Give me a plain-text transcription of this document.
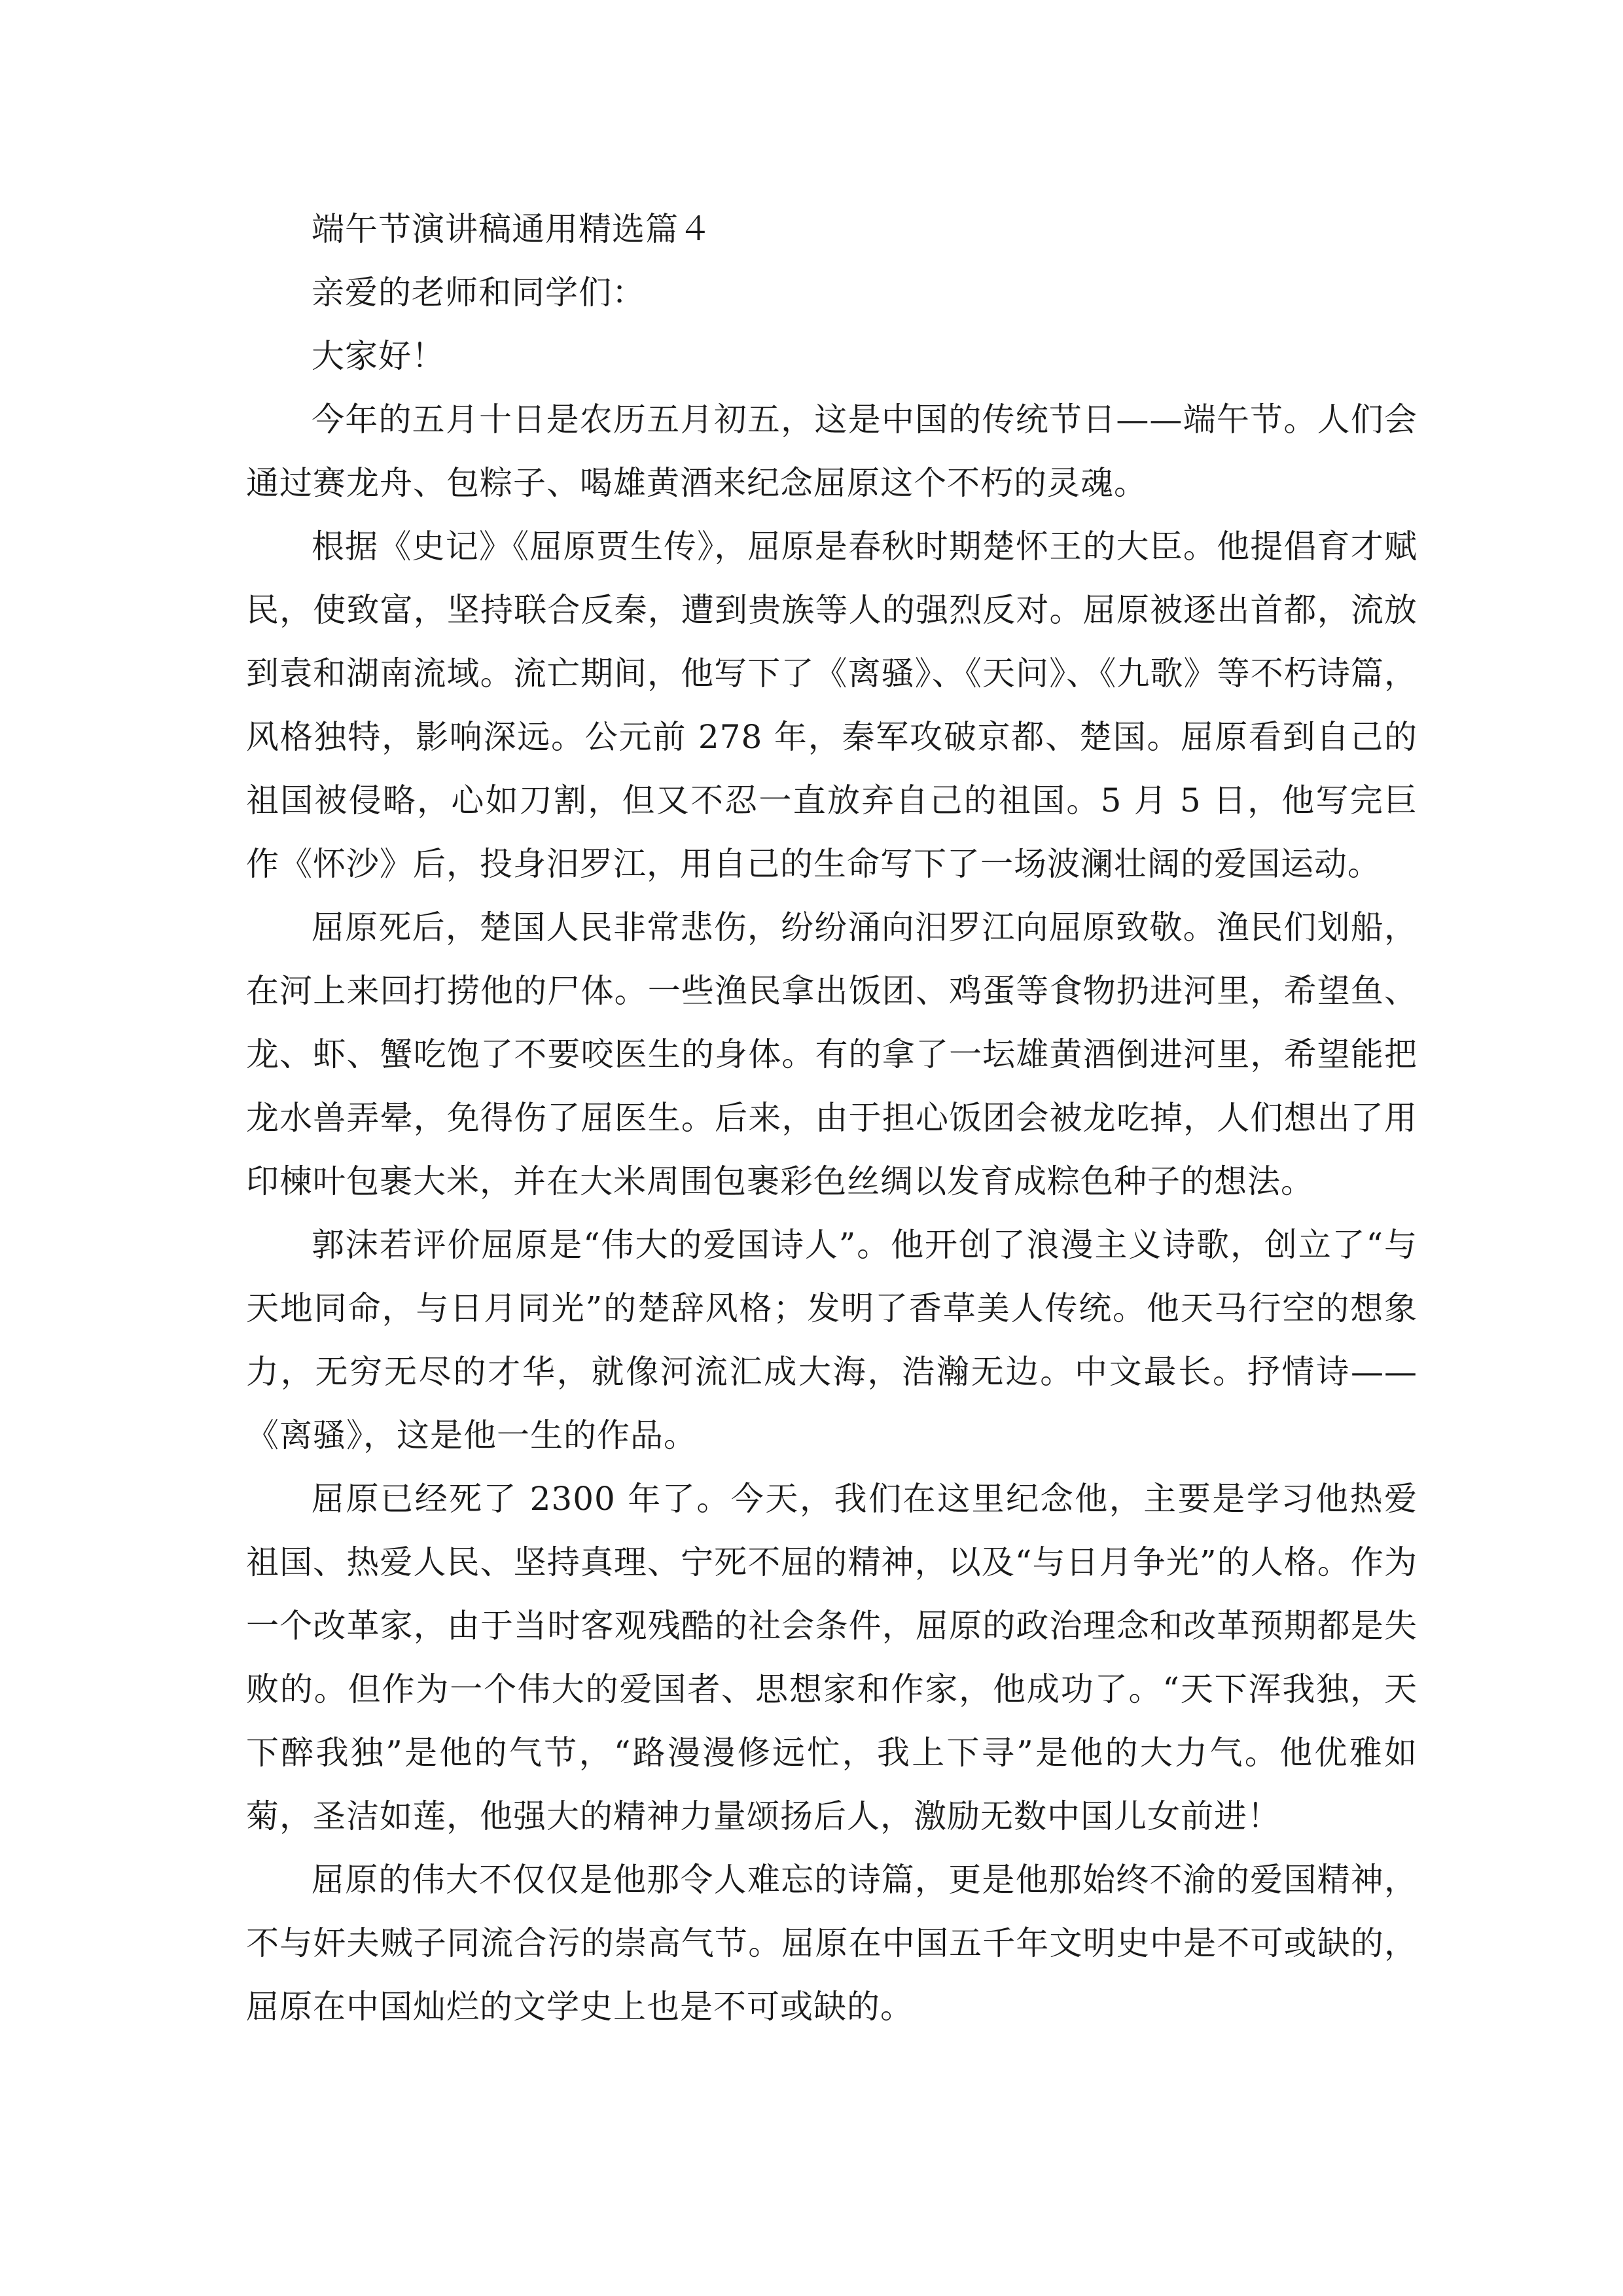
端午节演讲稿通用精选篇４

亲爱的老师和同学们：

大家好！

今年的五月十日是农历五月初五，这是中国的传统节日——端午节。人们会通过赛龙舟、包粽子、喝雄黄酒来纪念屈原这个不朽的灵魂。

根据《史记》《屈原贾生传》，屈原是春秋时期楚怀王的大臣。他提倡育才赋民，使致富，坚持联合反秦，遭到贵族等人的强烈反对。屈原被逐出首都，流放到袁和湖南流域。流亡期间，他写下了《离骚》、《天问》、《九歌》等不朽诗篇，风格独特，影响深远。公元前 278 年，秦军攻破京都、楚国。屈原看到自己的祖国被侵略，心如刀割，但又不忍一直放弃自己的祖国。5 月 5 日，他写完巨作《怀沙》后，投身汨罗江，用自己的生命写下了一场波澜壮阔的爱国运动。

屈原死后，楚国人民非常悲伤，纷纷涌向汨罗江向屈原致敬。渔民们划船，在河上来回打捞他的尸体。一些渔民拿出饭团、鸡蛋等食物扔进河里，希望鱼、龙、虾、蟹吃饱了不要咬医生的身体。有的拿了一坛雄黄酒倒进河里，希望能把龙水兽弄晕，免得伤了屈医生。后来，由于担心饭团会被龙吃掉，人们想出了用印楝叶包裹大米，并在大米周围包裹彩色丝绸以发育成粽色种子的想法。

郭沫若评价屈原是“伟大的爱国诗人”。他开创了浪漫主义诗歌，创立了“与天地同命，与日月同光”的楚辞风格；发明了香草美人传统。他天马行空的想象力，无穷无尽的才华，就像河流汇成大海，浩瀚无边。中文最长。抒情诗——《离骚》，这是他一生的作品。

屈原已经死了 2300 年了。今天，我们在这里纪念他，主要是学习他热爱祖国、热爱人民、坚持真理、宁死不屈的精神，以及“与日月争光”的人格。作为一个改革家，由于当时客观残酷的社会条件，屈原的政治理念和改革预期都是失败的。但作为一个伟大的爱国者、思想家和作家，他成功了。“天下浑我独，天下醉我独”是他的气节，“路漫漫修远忙，我上下寻”是他的大力气。他优雅如菊，圣洁如莲，他强大的精神力量颂扬后人，激励无数中国儿女前进！

屈原的伟大不仅仅是他那令人难忘的诗篇，更是他那始终不渝的爱国精神，不与奸夫贼子同流合污的崇高气节。屈原在中国五千年文明史中是不可或缺的，屈原在中国灿烂的文学史上也是不可或缺的。
